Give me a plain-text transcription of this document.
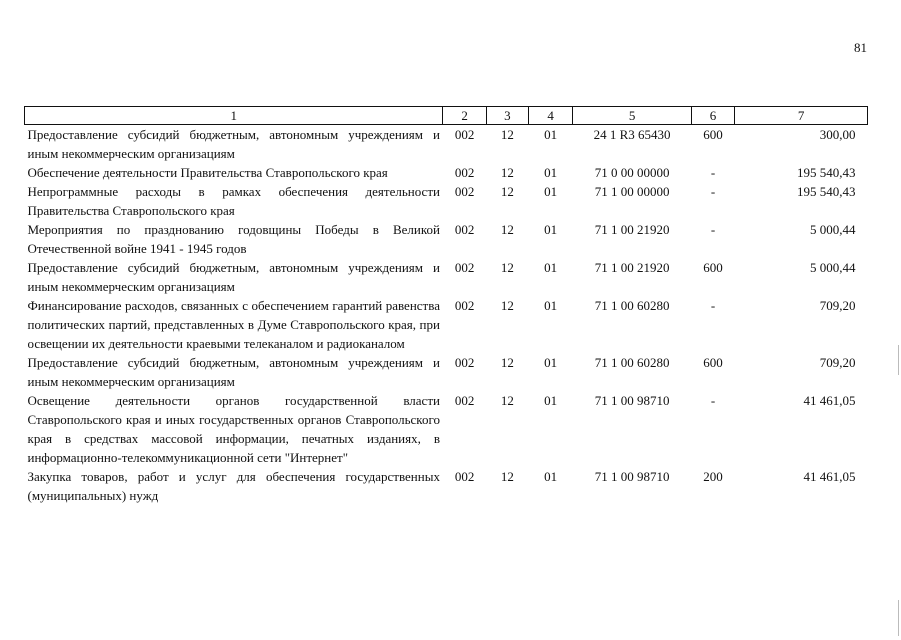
81
1	2	3	4	5	6	7
Предоставление субсидий бюджетным, автономным учреждениям и иным некоммерческим организациям	002	12	01	24 1 R3 65430	600	300,00
Обеспечение деятельности Правительства Ставропольского края	002	12	01	71 0 00 00000	-	195 540,43
Непрограммные расходы в рамках обеспечения деятельности Правительства Ставропольского края	002	12	01	71 1 00 00000	-	195 540,43
Мероприятия по празднованию годовщины Победы в Великой Отечественной войне 1941 - 1945 годов	002	12	01	71 1 00 21920	-	5 000,44
Предоставление субсидий бюджетным, автономным учреждениям и иным некоммерческим организациям	002	12	01	71 1 00 21920	600	5 000,44
Финансирование расходов, связанных с обеспечением гарантий равенства политических партий, представленных в Думе Ставропольского края, при освещении их деятельности краевыми телеканалом и радиоканалом	002	12	01	71 1 00 60280	-	709,20
Предоставление субсидий бюджетным, автономным учреждениям и иным некоммерческим организациям	002	12	01	71 1 00 60280	600	709,20
Освещение деятельности органов государственной власти Ставропольского края и иных государственных органов Ставропольского края в средствах массовой информации, печатных изданиях, в информационно-телекоммуникационной сети "Интернет"	002	12	01	71 1 00 98710	-	41 461,05
Закупка товаров, работ и услуг для обеспечения государственных (муниципальных) нужд	002	12	01	71 1 00 98710	200	41 461,05
